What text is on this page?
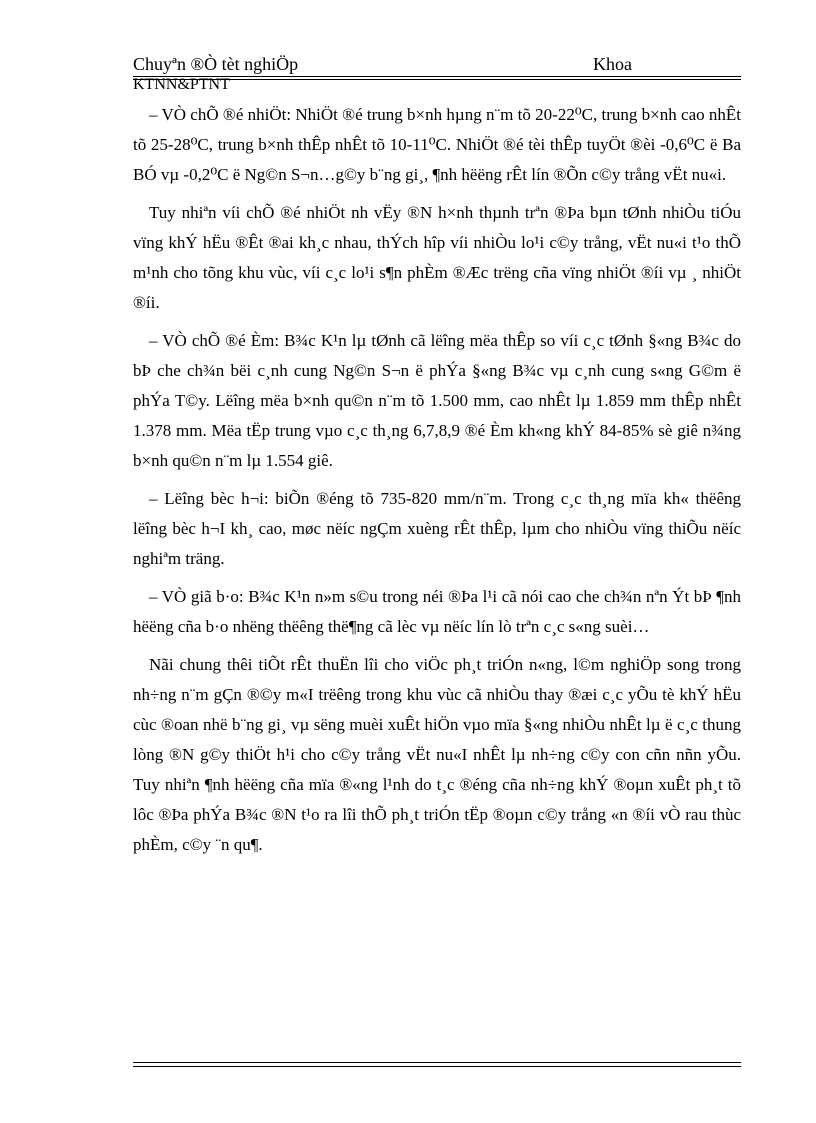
Chuyªn ®Ò tèt nghiÖp	Khoa
KTNN&PTNT

– VÒ chÕ ®é nhiÖt: NhiÖt ®é trung b×nh hµng n¨m tõ 20-22⁰C, trung b×nh cao nhÊt tõ 25-28⁰C, trung b×nh thÊp nhÊt tõ 10-11⁰C. NhiÖt ®é tèi thÊp tuyÖt ®èi -0,6⁰C ë Ba BÓ vµ -0,2⁰C ë Ng©n S¬n…g©y b¨ng gi¸, ¶nh hëëng rÊt lín ®Õn c©y trång vËt nu«i.

Tuy nhiªn víi chÕ ®é nhiÖt nh vËy ®N h×nh thµnh trªn ®Þa bµn tØnh nhiÒu tiÓu vïng khÝ hËu ®Êt ®ai kh¸c nhau, thÝch hîp víi nhiÒu lo¹i c©y trång, vËt nu«i t¹o thÕ m¹nh cho tõng khu vùc, víi c¸c lo¹i s¶n phÈm ®Æc trëng cña vïng nhiÖt ®íi vµ ¸ nhiÖt ®íi.

– VÒ chÕ ®é Èm: B¾c K¹n lµ tØnh cã lëîng mëa thÊp so víi c¸c tØnh §«ng B¾c do bÞ che ch¾n bëi c¸nh cung Ng©n S¬n ë phÝa §«ng B¾c vµ c¸nh cung s«ng G©m ë phÝa T©y. Lëîng mëa b×nh qu©n n¨m tõ 1.500 mm, cao nhÊt lµ 1.859 mm thÊp nhÊt 1.378 mm. Mëa tËp trung vµo c¸c th¸ng 6,7,8,9 ®é Èm kh«ng khÝ 84-85% sè giê n¾ng b×nh qu©n n¨m lµ 1.554 giê.

– Lëîng bèc h¬i: biÕn ®éng tõ 735-820 mm/n¨m. Trong c¸c th¸ng mïa kh« thëêng lëîng bèc h¬I kh¸ cao, møc nëíc ngÇm xuèng rÊt thÊp, lµm cho nhiÒu vïng thiÕu nëíc nghiªm träng.

– VÒ giã b·o: B¾c K¹n n»m s©u trong néi ®Þa l¹i cã nói cao che ch¾n nªn Ýt bÞ ¶nh hëëng cña b·o nhëng thëêng thë¶ng cã lèc vµ nëíc lín lò trªn c¸c s«ng suèi…

Nãi chung thêi tiÕt rÊt thuËn lîi cho viÖc ph¸t triÓn n«ng, l©m nghiÖp song trong nh÷ng n¨m gÇn ®©y m«I trëêng trong khu vùc cã nhiÒu thay ®æi c¸c yÕu tè khÝ hËu cùc ®oan nhë b¨ng gi¸ vµ sëng muèi xuÊt hiÖn vµo mïa §«ng nhiÒu nhÊt lµ ë c¸c thung lòng ®N g©y thiÖt h¹i cho c©y trång vËt nu«I nhÊt lµ nh÷ng c©y con cñn nñn yÕu. Tuy nhiªn ¶nh hëëng cña mïa ®«ng l¹nh do t¸c ®éng cña nh÷ng khÝ ®oµn xuÊt ph¸t tõ lôc ®Þa phÝa B¾c ®N t¹o ra lîi thÕ ph¸t triÓn tËp ®oµn c©y trång «n ®íi vÒ rau thùc phÈm, c©y ¨n qu¶.
